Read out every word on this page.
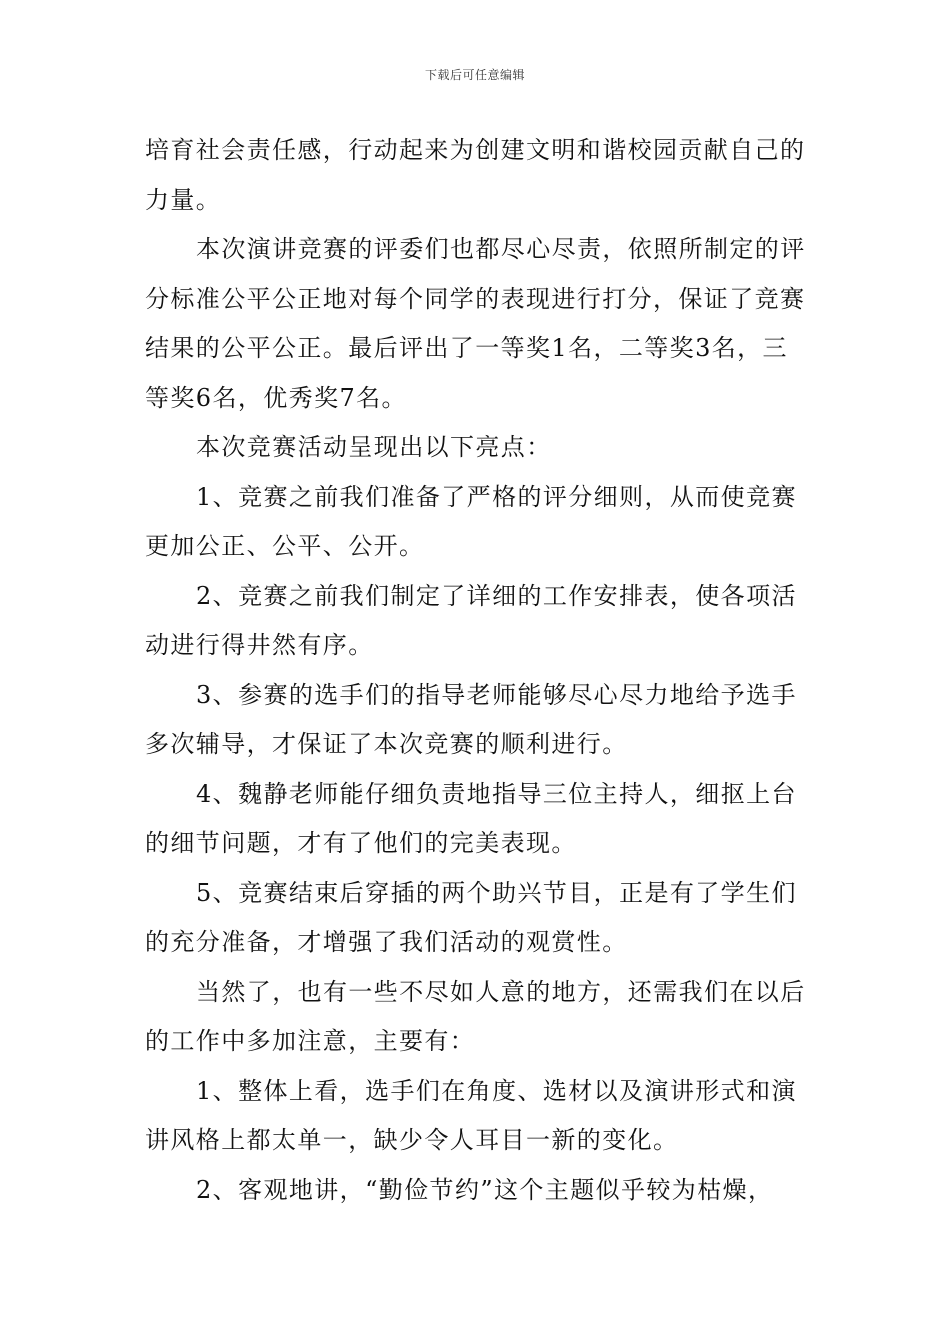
下载后可任意编辑

培育社会责任感，行动起来为创建文明和谐校园贡献自己的力量。

本次演讲竞赛的评委们也都尽心尽责，依照所制定的评分标准公平公正地对每个同学的表现进行打分，保证了竞赛结果的公平公正。最后评出了一等奖1名，二等奖3名，三等奖6名，优秀奖7名。

本次竞赛活动呈现出以下亮点：

1、竞赛之前我们准备了严格的评分细则，从而使竞赛更加公正、公平、公开。

2、竞赛之前我们制定了详细的工作安排表，使各项活动进行得井然有序。

3、参赛的选手们的指导老师能够尽心尽力地给予选手多次辅导，才保证了本次竞赛的顺利进行。

4、魏静老师能仔细负责地指导三位主持人，细抠上台的细节问题，才有了他们的完美表现。

5、竞赛结束后穿插的两个助兴节目，正是有了学生们的充分准备，才增强了我们活动的观赏性。

当然了，也有一些不尽如人意的地方，还需我们在以后的工作中多加注意，主要有：

1、整体上看，选手们在角度、选材以及演讲形式和演讲风格上都太单一，缺少令人耳目一新的变化。

2、客观地讲，“勤俭节约”这个主题似乎较为枯燥，
